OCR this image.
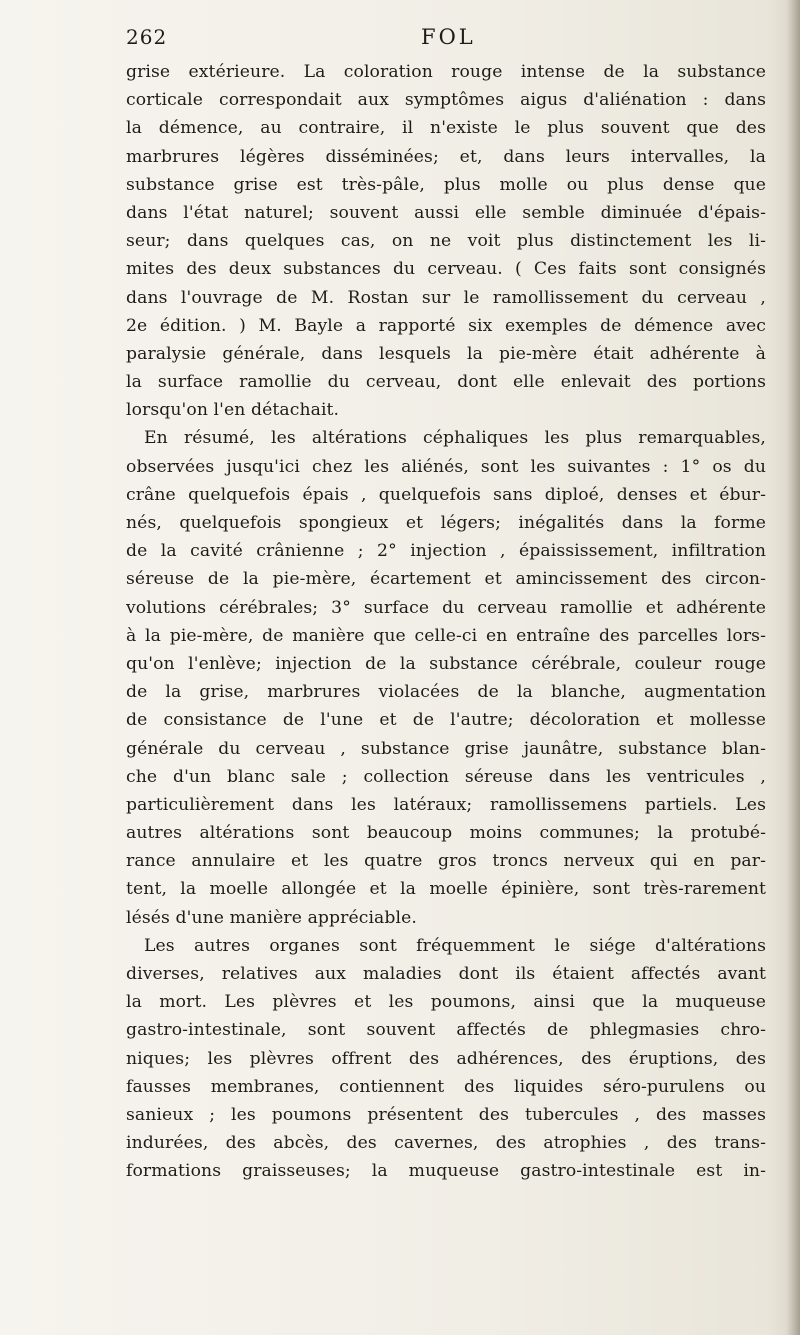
262	FOL
grise extérieure. La coloration rouge intense de la substance
corticale correspondait aux symptômes aigus d'aliénation : dans
la démence, au contraire, il n'existe le plus souvent que des
marbrures légères disséminées; et, dans leurs intervalles, la
substance grise est très-pâle, plus molle ou plus dense que
dans l'état naturel; souvent aussi elle semble diminuée d'épais-
seur; dans quelques cas, on ne voit plus distinctement les li-
mites des deux substances du cerveau. ( Ces faits sont consignés
dans l'ouvrage de M. Rostan sur le ramollissement du cerveau ,
2e édition. ) M. Bayle a rapporté six exemples de démence avec
paralysie générale, dans lesquels la pie-mère était adhérente à
la surface ramollie du cerveau, dont elle enlevait des portions
lorsqu'on l'en détachait.
En résumé, les altérations céphaliques les plus remarquables,
observées jusqu'ici chez les aliénés, sont les suivantes : 1° os du
crâne quelquefois épais , quelquefois sans diploé, denses et ébur-
nés, quelquefois spongieux et légers; inégalités dans la forme
de la cavité crânienne ; 2° injection , épaississement, infiltration
séreuse de la pie-mère, écartement et amincissement des circon-
volutions cérébrales; 3° surface du cerveau ramollie et adhérente
à la pie-mère, de manière que celle-ci en entraîne des parcelles lors-
qu'on l'enlève; injection de la substance cérébrale, couleur rouge
de la grise, marbrures violacées de la blanche, augmentation
de consistance de l'une et de l'autre; décoloration et mollesse
générale du cerveau , substance grise jaunâtre, substance blan-
che d'un blanc sale ; collection séreuse dans les ventricules ,
particulièrement dans les latéraux; ramollissemens partiels. Les
autres altérations sont beaucoup moins communes; la protubé-
rance annulaire et les quatre gros troncs nerveux qui en par-
tent, la moelle allongée et la moelle épinière, sont très-rarement
lésés d'une manière appréciable.
Les autres organes sont fréquemment le siége d'altérations
diverses, relatives aux maladies dont ils étaient affectés avant
la mort. Les plèvres et les poumons, ainsi que la muqueuse
gastro-intestinale, sont souvent affectés de phlegmasies chro-
niques; les plèvres offrent des adhérences, des éruptions, des
fausses membranes, contiennent des liquides séro-purulens ou
sanieux ; les poumons présentent des tubercules , des masses
indurées, des abcès, des cavernes, des atrophies , des trans-
formations graisseuses; la muqueuse gastro-intestinale est in-
